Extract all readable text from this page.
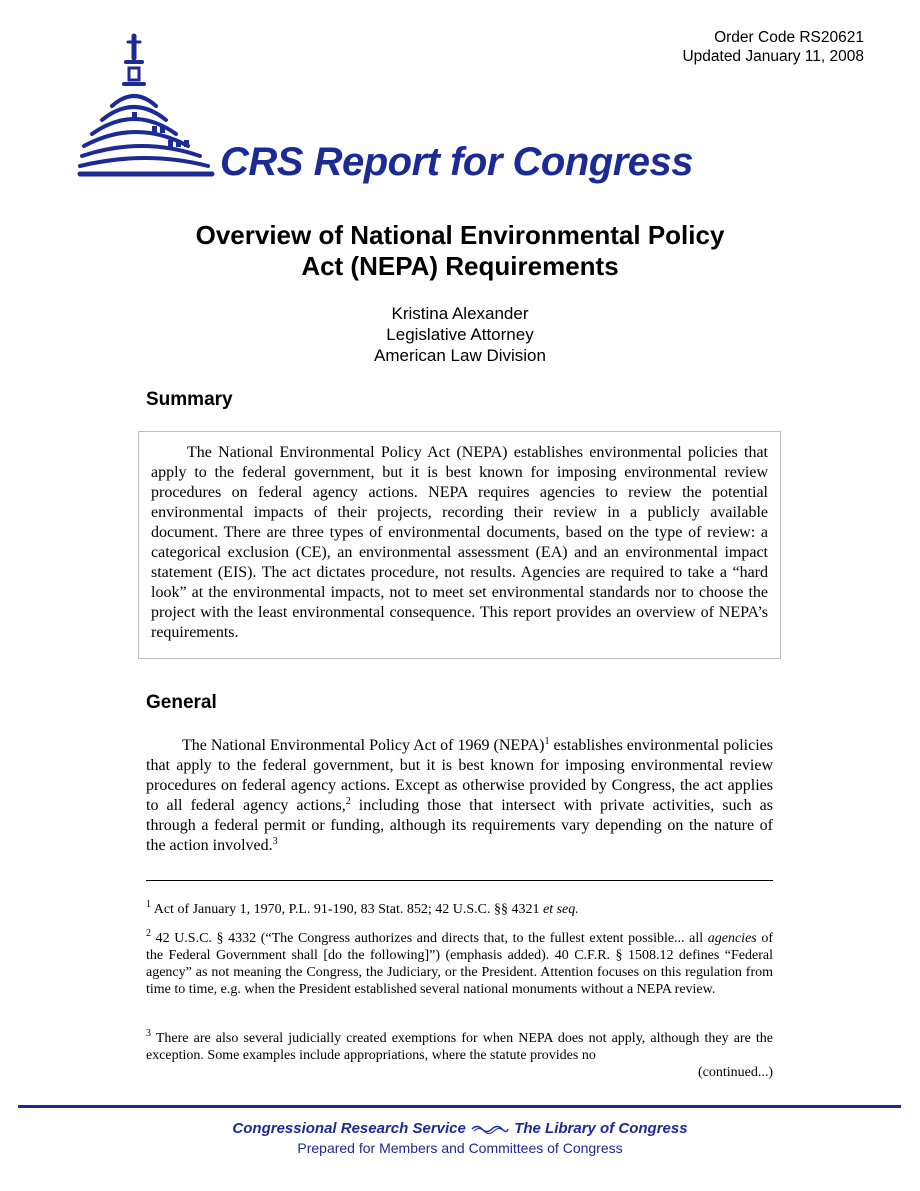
Order Code RS20621
Updated January 11, 2008
CRS Report for Congress
Overview of National Environmental Policy
Act (NEPA) Requirements
Kristina Alexander
Legislative Attorney
American Law Division
Summary

The National Environmental Policy Act (NEPA) establishes environmental policies that apply to the federal government, but it is best known for imposing environmental review procedures on federal agency actions. NEPA requires agencies to review the potential environmental impacts of their projects, recording their review in a publicly available document. There are three types of environmental documents, based on the type of review: a categorical exclusion (CE), an environmental assessment (EA) and an environmental impact statement (EIS). The act dictates procedure, not results. Agencies are required to take a “hard look” at the environmental impacts, not to meet set environmental standards nor to choose the project with the least environmental consequence. This report provides an overview of NEPA’s requirements.

General

The National Environmental Policy Act of 1969 (NEPA)$^1$ establishes environmental policies that apply to the federal government, but it is best known for imposing environmental review procedures on federal agency actions. Except as otherwise provided by Congress, the act applies to all federal agency actions,$^2$ including those that intersect with private activities, such as through a federal permit or funding, although its requirements vary depending on the nature of the action involved.$^3$

$^1$ Act of January 1, 1970, P.L. 91-190, 83 Stat. 852; 42 U.S.C. §§ 4321 et seq.

$^2$ 42 U.S.C. § 4332 (“The Congress authorizes and directs that, to the fullest extent possible... all agencies of the Federal Government shall [do the following]”) (emphasis added). 40 C.F.R. § 1508.12 defines “Federal agency” as not meaning the Congress, the Judiciary, or the President. Attention focuses on this regulation from time to time, e.g. when the President established several national monuments without a NEPA review.

$^3$ There are also several judicially created exemptions for when NEPA does not apply, although they are the exception. Some examples include appropriations, where the statute provides no

(continued...)

Congressional Research Service	The Library of Congress
Prepared for Members and Committees of Congress
